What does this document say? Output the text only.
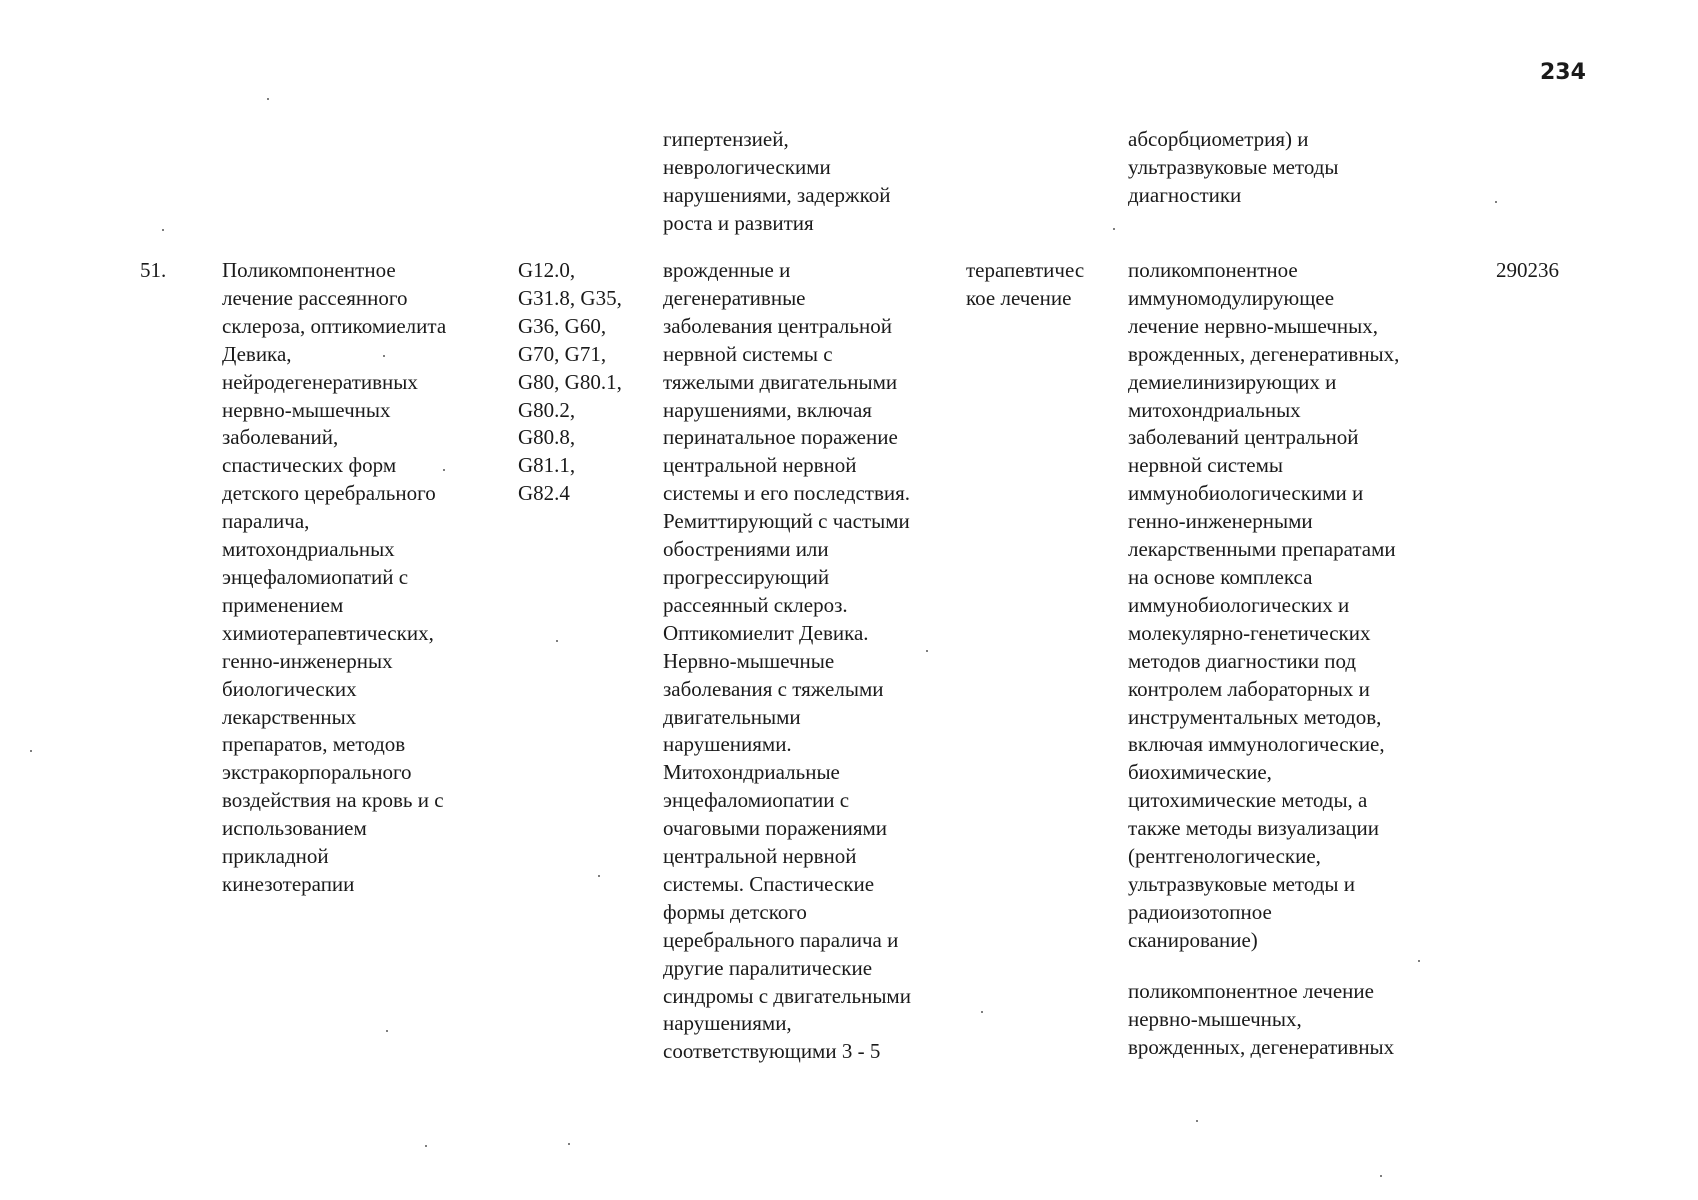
234
гипертензией,
неврологическими
нарушениями, задержкой
роста и развития
абсорбциометрия) и
ультразвуковые методы
диагностики
51.	Поликомпонентное
лечение рассеянного
склероза, оптикомиелита
Девика,
нейродегенеративных
нервно-мышечных
заболеваний,
спастических форм
детского церебрального
паралича,
митохондриальных
энцефаломиопатий с
применением
химиотерапевтических,
генно-инженерных
биологических
лекарственных
препаратов, методов
экстракорпорального
воздействия на кровь и с
использованием
прикладной
кинезотерапии
G12.0,
G31.8, G35,
G36, G60,
G70, G71,
G80, G80.1,
G80.2,
G80.8,
G81.1,
G82.4
врожденные и
дегенеративные
заболевания центральной
нервной системы с
тяжелыми двигательными
нарушениями, включая
перинатальное поражение
центральной нервной
системы и его последствия.
Ремиттирующий с частыми
обострениями или
прогрессирующий
рассеянный склероз.
Оптикомиелит Девика.
Нервно-мышечные
заболевания с тяжелыми
двигательными
нарушениями.
Митохондриальные
энцефаломиопатии с
очаговыми поражениями
центральной нервной
системы. Спастические
формы детского
церебрального паралича и
другие паралитические
синдромы с двигательными
нарушениями,
соответствующими 3 - 5
терапевтичес
кое лечение
поликомпонентное
иммуномодулирующее
лечение нервно-мышечных,
врожденных, дегенеративных,
демиелинизирующих и
митохондриальных
заболеваний центральной
нервной системы
иммунобиологическими и
генно-инженерными
лекарственными препаратами
на основе комплекса
иммунобиологических и
молекулярно-генетических
методов диагностики под
контролем лабораторных и
инструментальных методов,
включая иммунологические,
биохимические,
цитохимические методы, а
также методы визуализации
(рентгенологические,
ультразвуковые методы и
радиоизотопное
сканирование)
290236
поликомпонентное лечение
нервно-мышечных,
врожденных, дегенеративных
